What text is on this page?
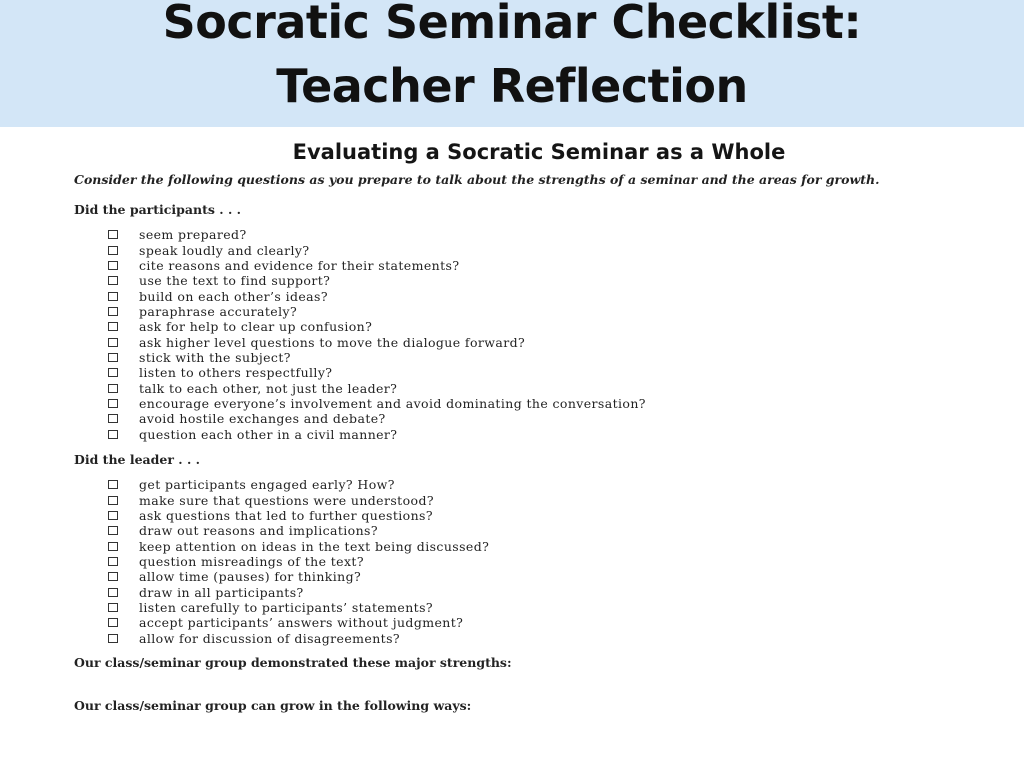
Socratic Seminar Checklist:
Teacher Reflection
Evaluating a Socratic Seminar as a Whole
Consider the following questions as you prepare to talk about the strengths of a seminar and the areas for growth.
Did the participants . . .
seem prepared?
speak loudly and clearly?
cite reasons and evidence for their statements?
use the text to find support?
build on each other’s ideas?
paraphrase accurately?
ask for help to clear up confusion?
ask higher level questions to move the dialogue forward?
stick with the subject?
listen to others respectfully?
talk to each other, not just the leader?
encourage everyone’s involvement and avoid dominating the conversation?
avoid hostile exchanges and debate?
question each other in a civil manner?
Did the leader . . .
get participants engaged early? How?
make sure that questions were understood?
ask questions that led to further questions?
draw out reasons and implications?
keep attention on ideas in the text being discussed?
question misreadings of the text?
allow time (pauses) for thinking?
draw in all participants?
listen carefully to participants’ statements?
accept participants’ answers without judgment?
allow for discussion of disagreements?
Our class/seminar group demonstrated these major strengths:
Our class/seminar group can grow in the following ways:
